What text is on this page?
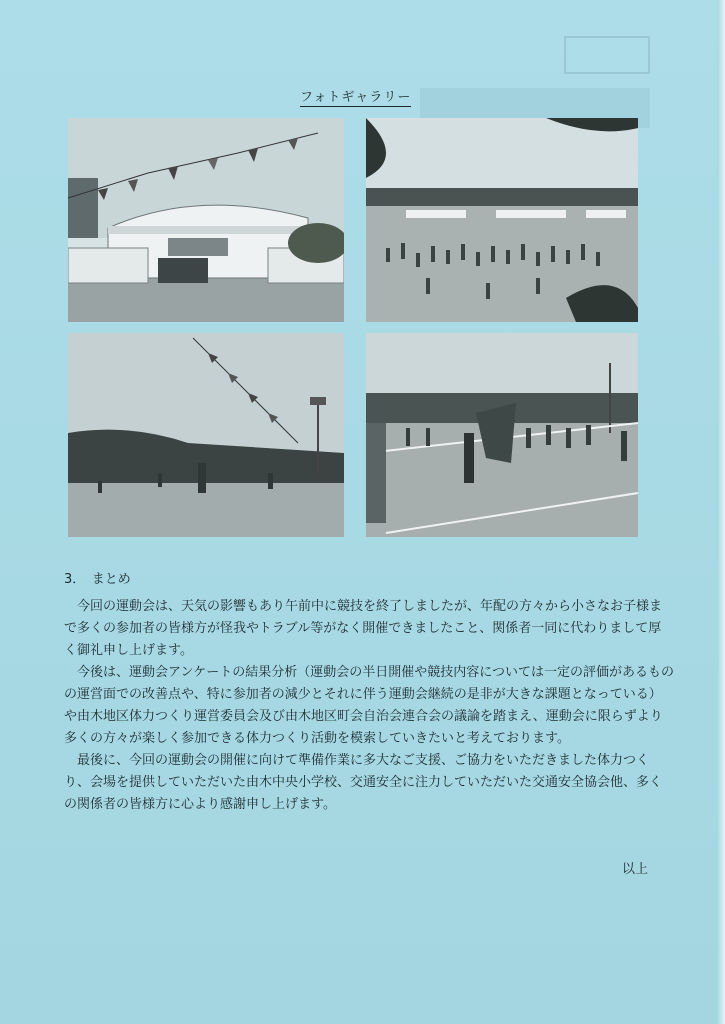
フォトギャラリー
3．　まとめ

今回の運動会は、天気の影響もあり午前中に競技を終了しましたが、年配の方々から小さなお子様まで多くの参加者の皆様方が怪我やトラブル等がなく開催できましたこと、関係者一同に代わりまして厚く御礼申し上げます。

今後は、運動会アンケートの結果分析（運動会の半日開催や競技内容については一定の評価があるものの運営面での改善点や、特に参加者の減少とそれに伴う運動会継続の是非が大きな課題となっている）や由木地区体力つくり運営委員会及び由木地区町会自治会連合会の議論を踏まえ、運動会に限らずより多くの方々が楽しく参加できる体力つくり活動を模索していきたいと考えております。

最後に、今回の運動会の開催に向けて準備作業に多大なご支援、ご協力をいただきました体力つくり、会場を提供していただいた由木中央小学校、交通安全に注力していただいた交通安全協会他、多くの関係者の皆様方に心より感謝申し上げます。

以上
